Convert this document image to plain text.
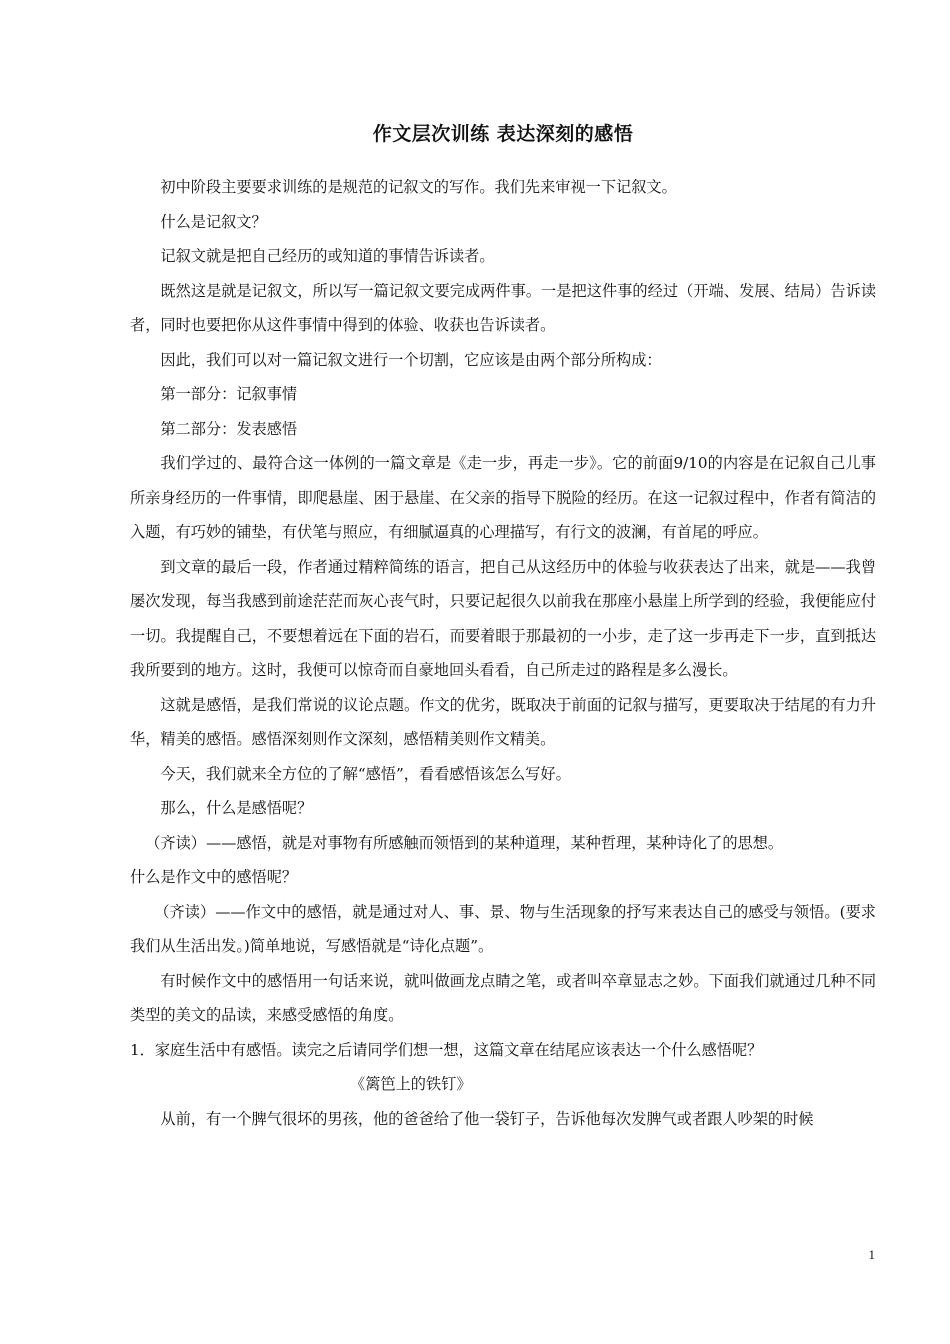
作文层次训练 表达深刻的感悟

初中阶段主要要求训练的是规范的记叙文的写作。我们先来审视一下记叙文。

什么是记叙文？

记叙文就是把自己经历的或知道的事情告诉读者。

既然这是就是记叙文，所以写一篇记叙文要完成两件事。一是把这件事的经过（开端、发展、结局）告诉读者，同时也要把你从这件事情中得到的体验、收获也告诉读者。

因此，我们可以对一篇记叙文进行一个切割，它应该是由两个部分所构成：

第一部分：记叙事情

第二部分：发表感悟

我们学过的、最符合这一体例的一篇文章是《走一步，再走一步》。它的前面9/10的内容是在记叙自己儿事所亲身经历的一件事情，即爬悬崖、困于悬崖、在父亲的指导下脱险的经历。在这一记叙过程中，作者有简洁的入题，有巧妙的铺垫，有伏笔与照应，有细腻逼真的心理描写，有行文的波澜，有首尾的呼应。

到文章的最后一段，作者通过精粹简练的语言，把自己从这经历中的体验与收获表达了出来，就是——我曾屡次发现，每当我感到前途茫茫而灰心丧气时，只要记起很久以前我在那座小悬崖上所学到的经验，我便能应付一切。我提醒自己，不要想着远在下面的岩石，而要着眼于那最初的一小步，走了这一步再走下一步，直到抵达我所要到的地方。这时，我便可以惊奇而自豪地回头看看，自己所走过的路程是多么漫长。

这就是感悟，是我们常说的议论点题。作文的优劣，既取决于前面的记叙与描写，更要取决于结尾的有力升华，精美的感悟。感悟深刻则作文深刻，感悟精美则作文精美。

今天，我们就来全方位的了解“感悟”，看看感悟该怎么写好。

那么，什么是感悟呢？

（齐读）——感悟，就是对事物有所感触而领悟到的某种道理，某种哲理，某种诗化了的思想。

什么是作文中的感悟呢？

（齐读）——作文中的感悟，就是通过对人、事、景、物与生活现象的抒写来表达自己的感受与领悟。(要求我们从生活出发。)简单地说，写感悟就是“诗化点题”。

有时候作文中的感悟用一句话来说，就叫做画龙点睛之笔，或者叫卒章显志之妙。下面我们就通过几种不同类型的美文的品读，来感受感悟的角度。

1．家庭生活中有感悟。读完之后请同学们想一想，这篇文章在结尾应该表达一个什么感悟呢？

《篱笆上的铁钉》

从前，有一个脾气很坏的男孩，他的爸爸给了他一袋钉子，告诉他每次发脾气或者跟人吵架的时候

1
